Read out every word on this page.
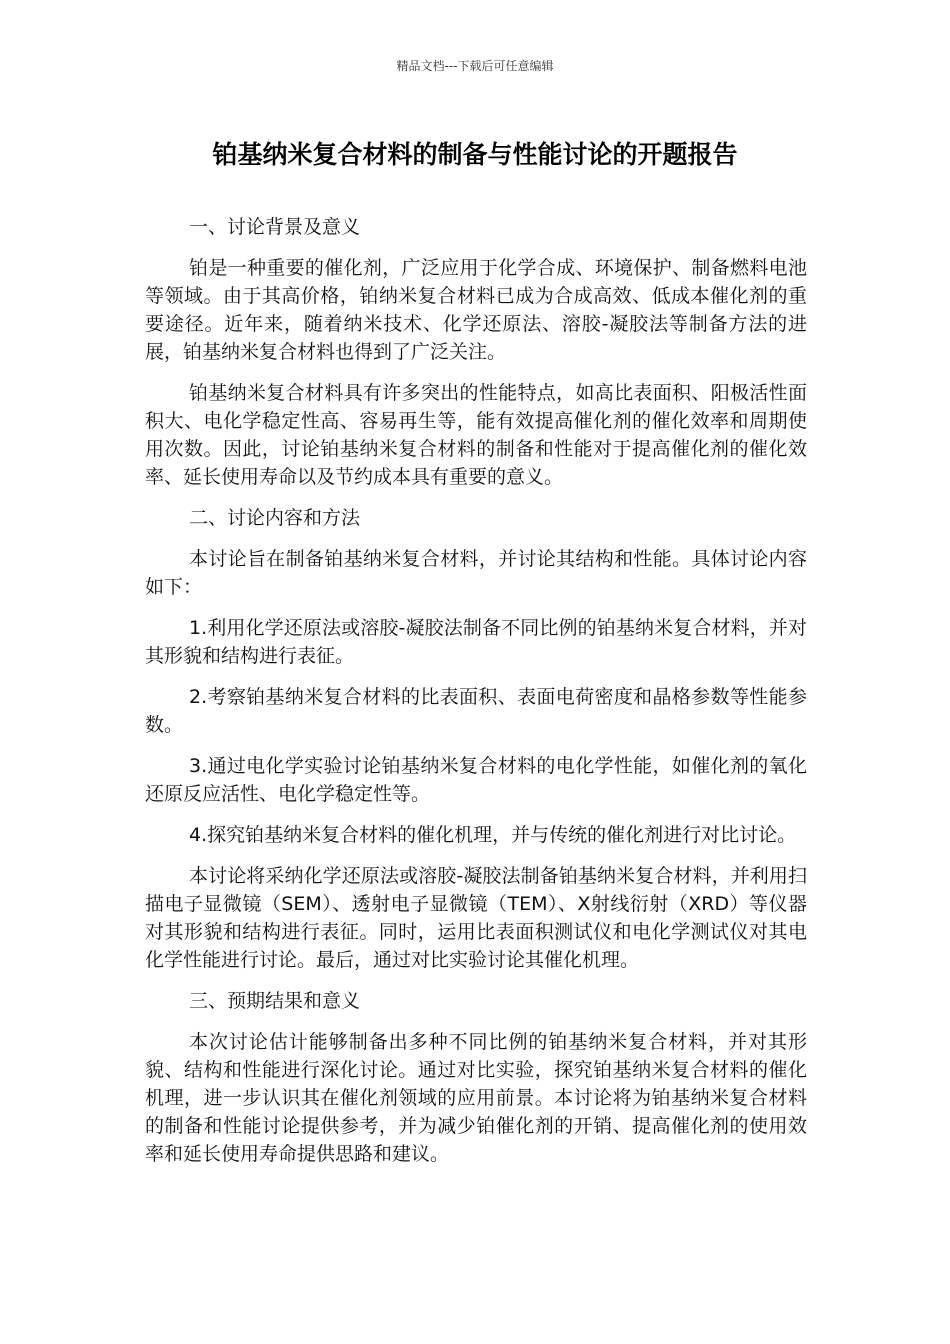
精品文档---下载后可任意编辑
铂基纳米复合材料的制备与性能讨论的开题报告

一、讨论背景及意义

铂是一种重要的催化剂，广泛应用于化学合成、环境保护、制备燃料电池等领域。由于其高价格，铂纳米复合材料已成为合成高效、低成本催化剂的重要途径。近年来，随着纳米技术、化学还原法、溶胶-凝胶法等制备方法的进展，铂基纳米复合材料也得到了广泛关注。

铂基纳米复合材料具有许多突出的性能特点，如高比表面积、阳极活性面积大、电化学稳定性高、容易再生等，能有效提高催化剂的催化效率和周期使用次数。因此，讨论铂基纳米复合材料的制备和性能对于提高催化剂的催化效率、延长使用寿命以及节约成本具有重要的意义。

二、讨论内容和方法

本讨论旨在制备铂基纳米复合材料，并讨论其结构和性能。具体讨论内容如下：

1.利用化学还原法或溶胶-凝胶法制备不同比例的铂基纳米复合材料，并对其形貌和结构进行表征。

2.考察铂基纳米复合材料的比表面积、表面电荷密度和晶格参数等性能参数。

3.通过电化学实验讨论铂基纳米复合材料的电化学性能，如催化剂的氧化还原反应活性、电化学稳定性等。

4.探究铂基纳米复合材料的催化机理，并与传统的催化剂进行对比讨论。

本讨论将采纳化学还原法或溶胶-凝胶法制备铂基纳米复合材料，并利用扫描电子显微镜（SEM）、透射电子显微镜（TEM）、X射线衍射（XRD）等仪器对其形貌和结构进行表征。同时，运用比表面积测试仪和电化学测试仪对其电化学性能进行讨论。最后，通过对比实验讨论其催化机理。

三、预期结果和意义

本次讨论估计能够制备出多种不同比例的铂基纳米复合材料，并对其形貌、结构和性能进行深化讨论。通过对比实验，探究铂基纳米复合材料的催化机理，进一步认识其在催化剂领域的应用前景。本讨论将为铂基纳米复合材料的制备和性能讨论提供参考，并为减少铂催化剂的开销、提高催化剂的使用效率和延长使用寿命提供思路和建议。
